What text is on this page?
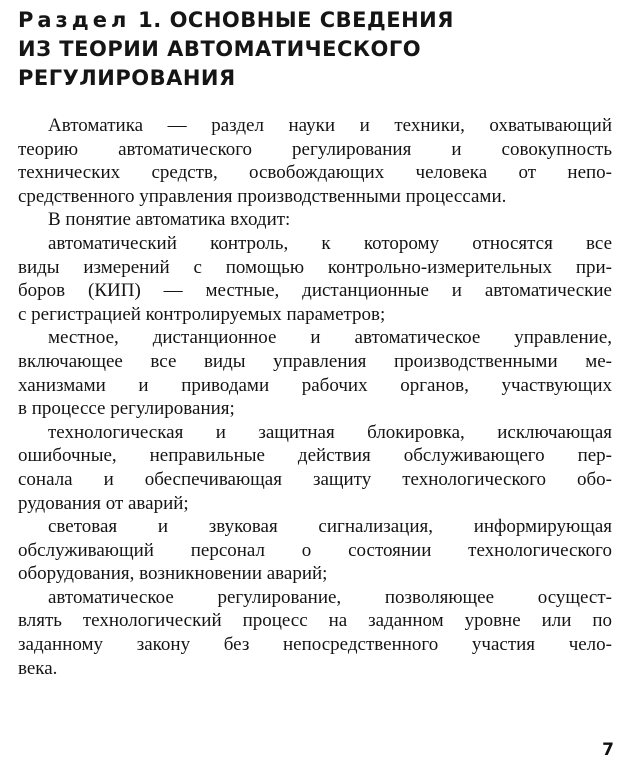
Раздел 1. ОСНОВНЫЕ СВЕДЕНИЯ
ИЗ ТЕОРИИ АВТОМАТИЧЕСКОГО
РЕГУЛИРОВАНИЯ
Автоматика — раздел науки и техники, охватывающий
теорию автоматического регулирования и совокупность
технических средств, освобождающих человека от непо-
средственного управления производственными процессами.
В понятие автоматика входит:
автоматический контроль, к которому относятся все
виды измерений с помощью контрольно-измерительных при-
боров (КИП) — местные, дистанционные и автоматические
с регистрацией контролируемых параметров;
местное, дистанционное и автоматическое управление,
включающее все виды управления производственными ме-
ханизмами и приводами рабочих органов, участвующих
в процессе регулирования;
технологическая и защитная блокировка, исключающая
ошибочные, неправильные действия обслуживающего пер-
сонала и обеспечивающая защиту технологического обо-
рудования от аварий;
световая и звуковая сигнализация, информирующая
обслуживающий персонал о состоянии технологического
оборудования, возникновении аварий;
автоматическое регулирование, позволяющее осущест-
влять технологический процесс на заданном уровне или по
заданному закону без непосредственного участия чело-
века.
7
